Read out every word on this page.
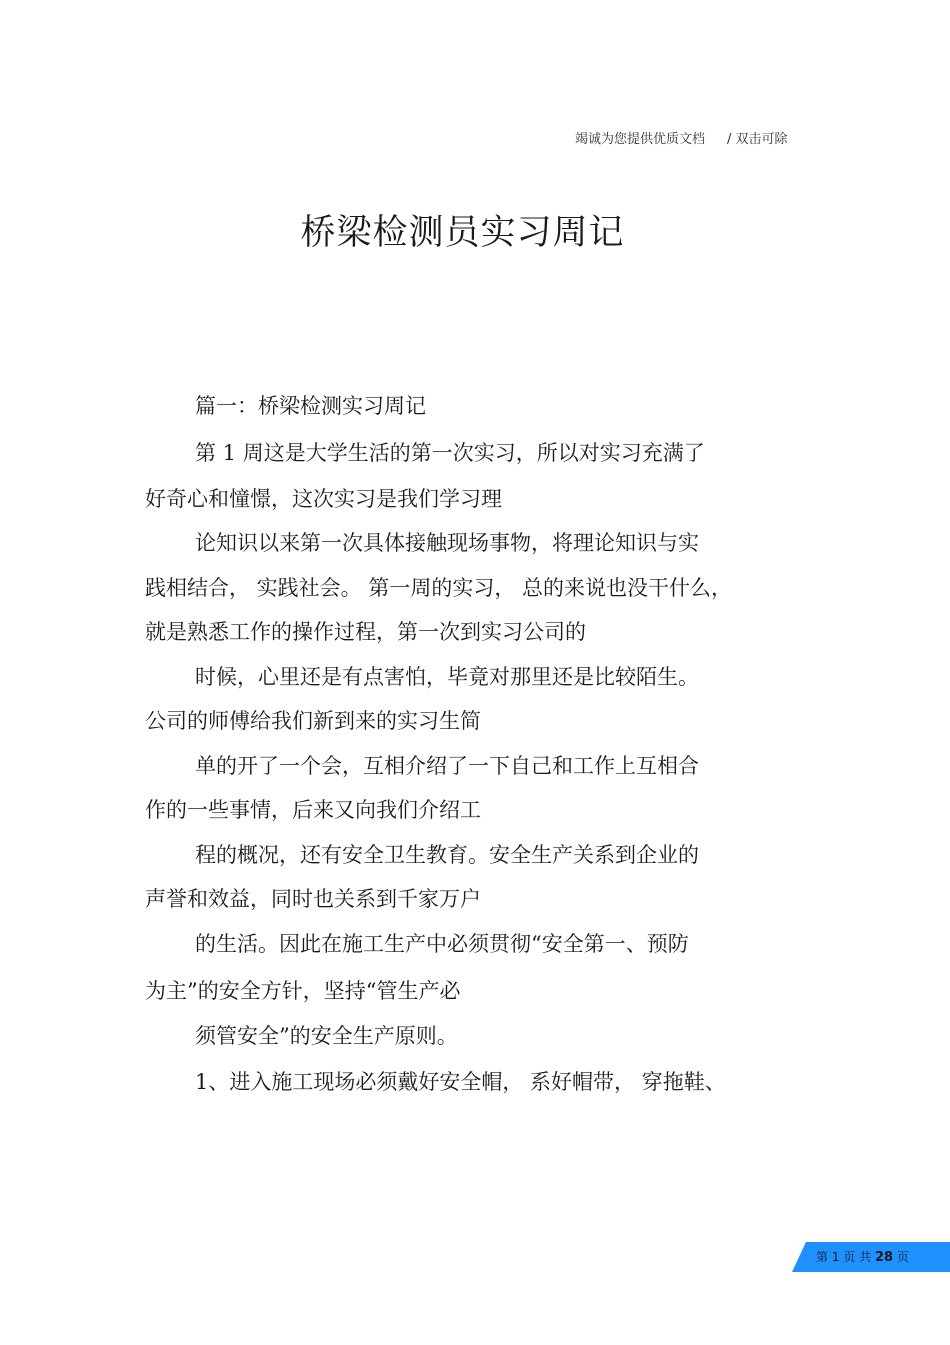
竭诚为您提供优质文档 / 双击可除
桥梁检测员实习周记
篇一：桥梁检测实习周记
第 1 周这是大学生活的第一次实习，所以对实习充满了
好奇心和憧憬，这次实习是我们学习理
论知识以来第一次具体接触现场事物，将理论知识与实
践相结合， 实践社会。 第一周的实习， 总的来说也没干什么，
就是熟悉工作的操作过程，第一次到实习公司的
时候，心里还是有点害怕，毕竟对那里还是比较陌生。
公司的师傅给我们新到来的实习生简
单的开了一个会，互相介绍了一下自己和工作上互相合
作的一些事情，后来又向我们介绍工
程的概况，还有安全卫生教育。安全生产关系到企业的
声誉和效益，同时也关系到千家万户
的生活。因此在施工生产中必须贯彻“安全第一、预防
为主”的安全方针，坚持“管生产必
须管安全”的安全生产原则。
1、进入施工现场必须戴好安全帽， 系好帽带， 穿拖鞋、
第 1 页 共 28 页
